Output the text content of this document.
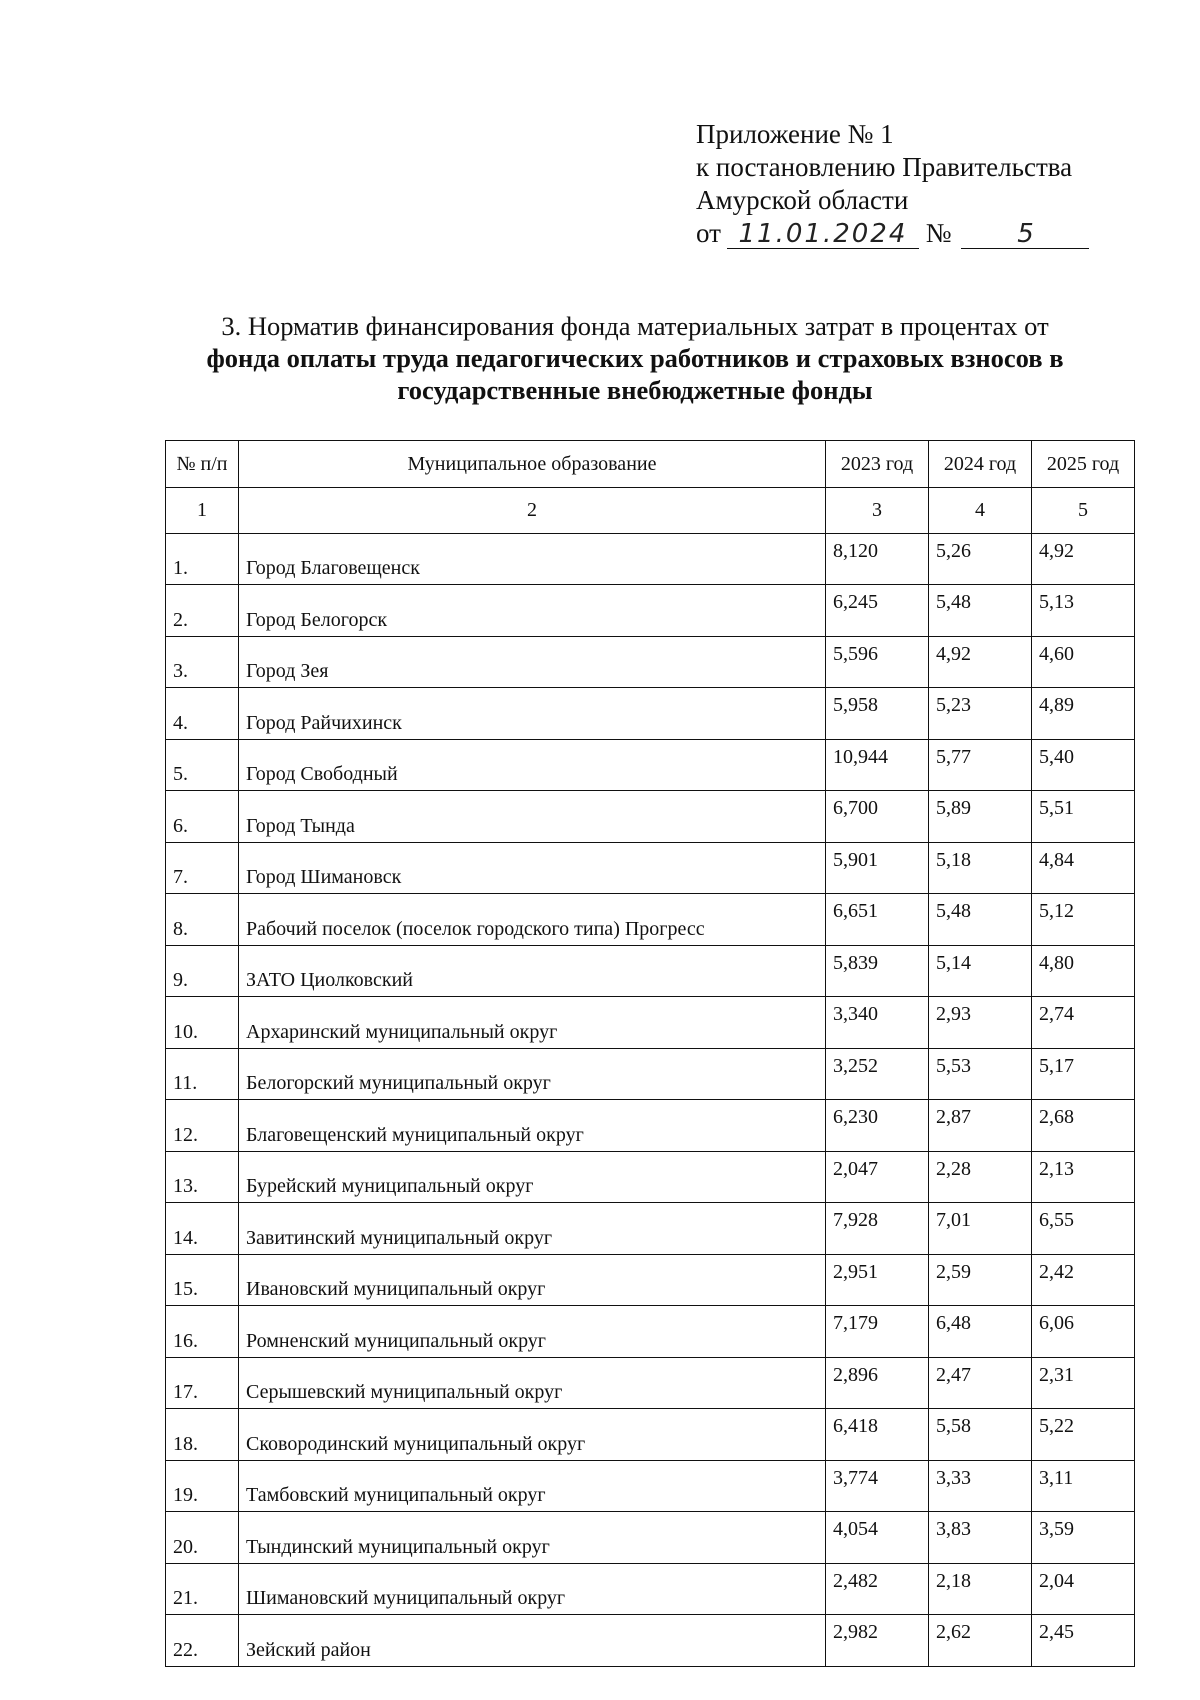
Приложение № 1
к постановлению Правительства
Амурской области
от 11.01.2024 №	5
3. Норматив финансирования фонда материальных затрат в процентах от
фонда оплаты труда педагогических работников и страховых взносов в
государственные внебюджетные фонды
№ п/п	Муниципальное образование	2023 год	2024 год	2025 год
1	2	3	4	5
1.	Город Благовещенск	8,120	5,26	4,92
2.	Город Белогорск	6,245	5,48	5,13
3.	Город Зея	5,596	4,92	4,60
4.	Город Райчихинск	5,958	5,23	4,89
5.	Город Свободный	10,944	5,77	5,40
6.	Город Тында	6,700	5,89	5,51
7.	Город Шимановск	5,901	5,18	4,84
8.	Рабочий поселок (поселок городского типа) Прогресс	6,651	5,48	5,12
9.	ЗАТО Циолковский	5,839	5,14	4,80
10.	Архаринский муниципальный округ	3,340	2,93	2,74
11.	Белогорский муниципальный округ	3,252	5,53	5,17
12.	Благовещенский муниципальный округ	6,230	2,87	2,68
13.	Бурейский муниципальный округ	2,047	2,28	2,13
14.	Завитинский муниципальный округ	7,928	7,01	6,55
15.	Ивановский муниципальный округ	2,951	2,59	2,42
16.	Ромненский муниципальный округ	7,179	6,48	6,06
17.	Серышевский муниципальный округ	2,896	2,47	2,31
18.	Сковородинский муниципальный округ	6,418	5,58	5,22
19.	Тамбовский муниципальный округ	3,774	3,33	3,11
20.	Тындинский муниципальный округ	4,054	3,83	3,59
21.	Шимановский муниципальный округ	2,482	2,18	2,04
22.	Зейский район	2,982	2,62	2,45
